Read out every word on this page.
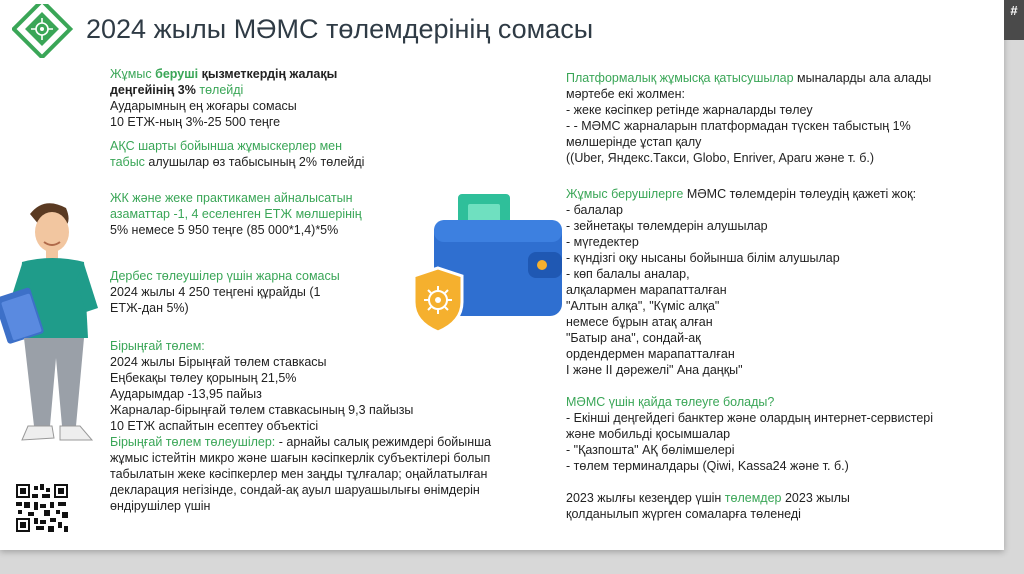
2024 жылы МӘМС төлемдерінің сомасы
Жұмыс беруші қызметкердің жалақы
деңгейінің 3% төлейді
Аударымның ең жоғары сомасы
10 ЕТЖ-ның 3%-25 500 теңге
АҚС шарты бойынша жұмыскерлер мен
табыс алушылар өз табысының 2% төлейді
ЖК және жеке практикамен айналысатын
азаматтар -1, 4 еселенген ЕТЖ мөлшерінің
5% немесе 5 950 теңге (85 000*1,4)*5%
Дербес төлеушілер үшін жарна сомасы
2024 жылы 4 250 теңгені құрайды (1
ЕТЖ-дан 5%)
Бірыңғай төлем:
2024 жылы Бірыңғай төлем ставкасы
Еңбекақы төлеу қорының 21,5%
Аударымдар -13,95 пайыз
Жарналар-бірыңғай төлем ставкасының 9,3 пайызы
10 ЕТЖ аспайтын есептеу объектісі
Бірыңғай төлем төлеушілер: - арнайы салық режимдері бойынша
жұмыс істейтін микро және шағын кәсіпкерлік субъектілері болып
табылатын жеке кәсіпкерлер мен заңды тұлғалар; оңайлатылған
декларация негізінде, сондай-ақ ауыл шаруашылығы өнімдерін
өндірушілер үшін
Платформалық жұмысқа қатысушылар мыналарды ала алады
мәртебе екі жолмен:
- жеке кәсіпкер ретінде жарналарды төлеу
- - МӘМС жарналарын платформадан түскен табыстың 1%
мөлшерінде ұстап қалу
((Uber, Яндекс.Такси, Globo, Enriver, Aparu және т. б.)
Жұмыс берушілерге МӘМС төлемдерін төлеудің қажеті жоқ:
- балалар
- зейнетақы төлемдерін алушылар
- мүгедектер
- күндізгі оқу нысаны бойынша білім алушылар
- көп балалы аналар,
алқалармен марапатталған
"Алтын алқа", "Күміс алқа"
немесе бұрын атақ алған
"Батыр ана", сондай-ақ
ордендермен марапатталған
I және II дәрежелі" Ана даңқы"
МӘМС үшін қайда төлеуге болады?
- Екінші деңгейдегі банктер және олардың интернет-сервистері
және мобильді қосымшалар
- "Қазпошта" АҚ бөлімшелері
- төлем терминалдары (Qiwi, Kassa24 және т. б.)
2023 жылғы кезеңдер үшін төлемдер 2023 жылы
қолданылып жүрген сомаларға төленеді
#
